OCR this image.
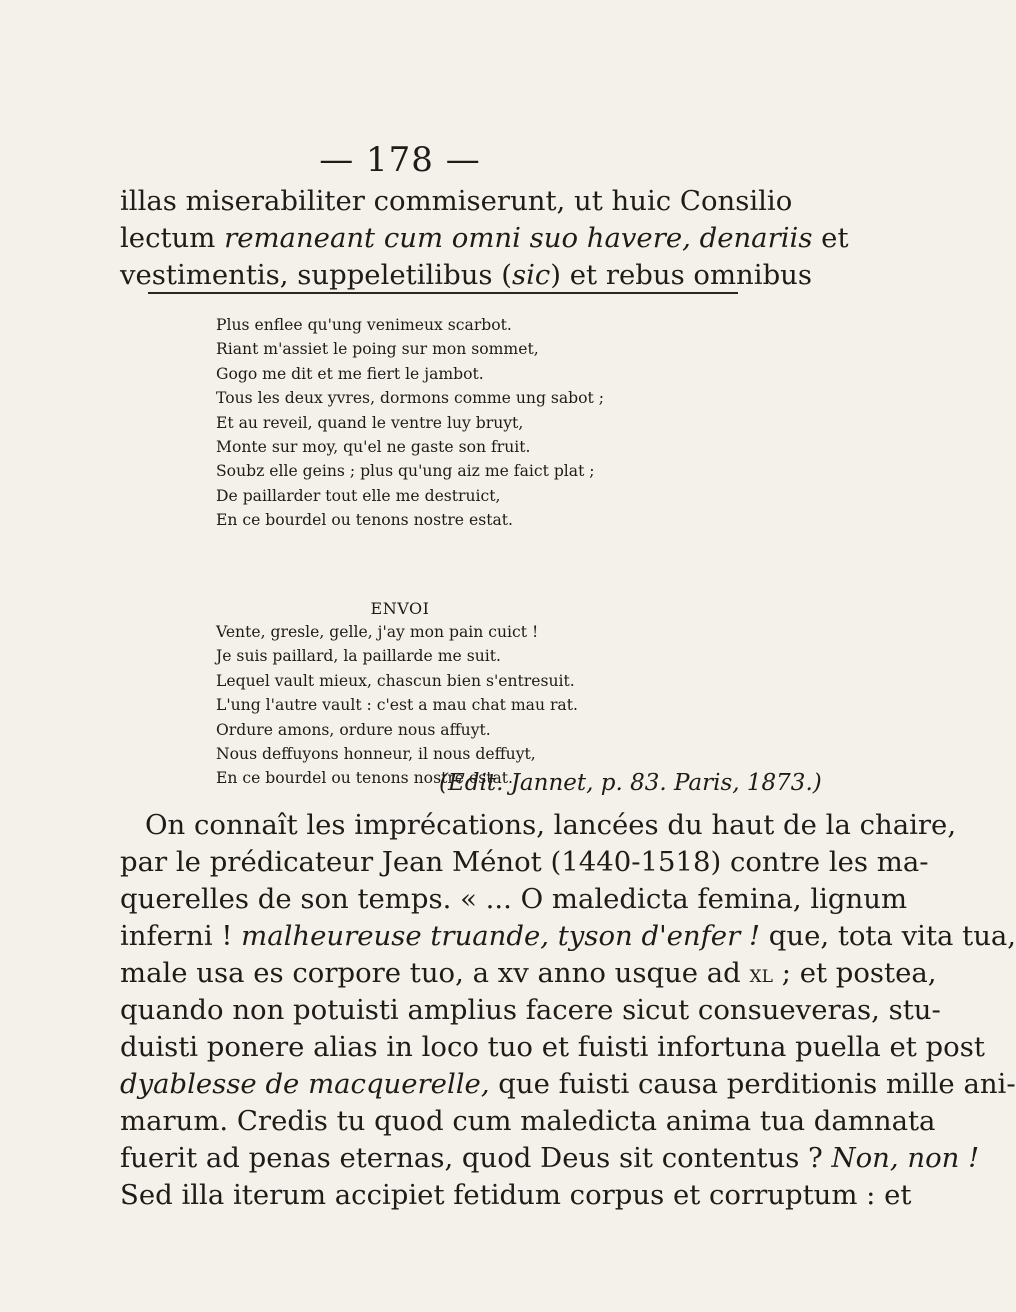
— 178 —
illas miserabiliter commiserunt, ut huic Consilio
lectum remaneant cum omni suo havere, denariis et
vestimentis, suppeletilibus (sic) et rebus omnibus
Plus enflee qu'ung venimeux scarbot.
Riant m'assiet le poing sur mon sommet,
Gogo me dit et me fiert le jambot.
Tous les deux yvres, dormons comme ung sabot ;
Et au reveil, quand le ventre luy bruyt,
Monte sur moy, qu'el ne gaste son fruit.
Soubz elle geins ; plus qu'ung aiz me faict plat ;
De paillarder tout elle me destruict,
En ce bourdel ou tenons nostre estat.
ENVOI
Vente, gresle, gelle, j'ay mon pain cuict !
Je suis paillard, la paillarde me suit.
Lequel vault mieux, chascun bien s'entresuit.
L'ung l'autre vault : c'est a mau chat mau rat.
Ordure amons, ordure nous affuyt.
Nous deffuyons honneur, il nous deffuyt,
En ce bourdel ou tenons nostre estat.
(Edit. Jannet, p. 83. Paris, 1873.)
On connaît les imprécations, lancées du haut de la chaire,
par le prédicateur Jean Ménot (1440-1518) contre les ma-
querelles de son temps. « ... O maledicta femina, lignum
inferni ! malheureuse truande, tyson d'enfer ! que, tota vita tua,
male usa es corpore tuo, a xv anno usque ad xl ; et postea,
quando non potuisti amplius facere sicut consueveras, stu-
duisti ponere alias in loco tuo et fuisti infortuna puella et post
dyablesse de macquerelle, que fuisti causa perditionis mille ani-
marum. Credis tu quod cum maledicta anima tua damnata
fuerit ad penas eternas, quod Deus sit contentus ? Non, non !
Sed illa iterum accipiet fetidum corpus et corruptum : et
